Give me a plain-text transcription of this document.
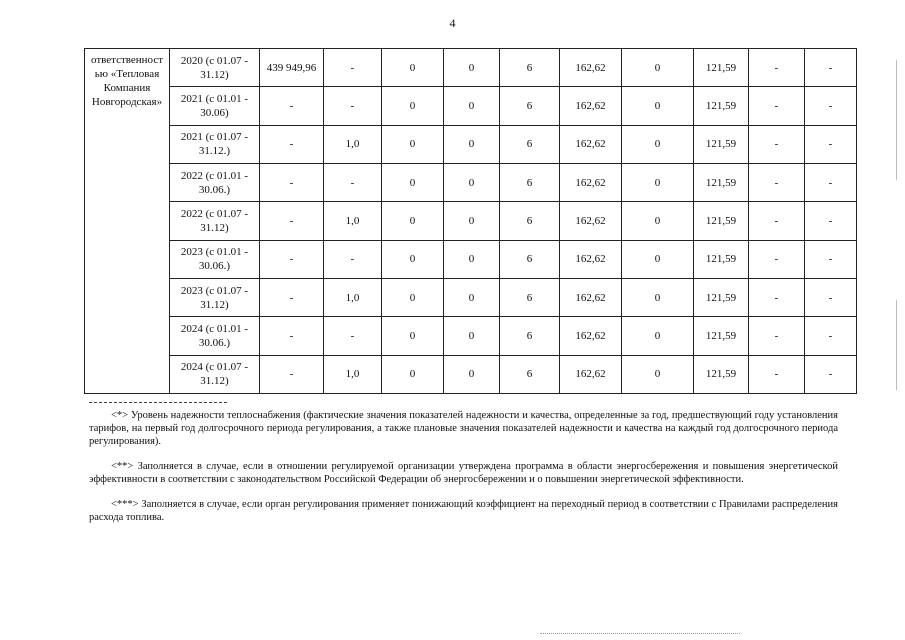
4
ответственност ью «Тепловая Компания Новгородская»	2020 (с 01.07 - 31.12)	439 949,96	-	0	0	6	162,62	0	121,59	-	-
	2021 (с 01.01 - 30.06)	-	-	0	0	6	162,62	0	121,59	-	-
	2021 (с 01.07 - 31.12.)	-	1,0	0	0	6	162,62	0	121,59	-	-
	2022 (с 01.01 - 30.06.)	-	-	0	0	6	162,62	0	121,59	-	-
	2022 (с 01.07 - 31.12)	-	1,0	0	0	6	162,62	0	121,59	-	-
	2023 (с 01.01 - 30.06.)	-	-	0	0	6	162,62	0	121,59	-	-
	2023 (с 01.07 - 31.12)	-	1,0	0	0	6	162,62	0	121,59	-	-
	2024 (с 01.01 - 30.06.)	-	-	0	0	6	162,62	0	121,59	-	-
	2024 (с 01.07 - 31.12)	-	1,0	0	0	6	162,62	0	121,59	-	-

<*> Уровень надежности теплоснабжения (фактические значения показателей надежности и качества, определенные за год, предшествующий году установления тарифов, на первый год долгосрочного периода регулирования, а также плановые значения показателей надежности и качества на каждый год долгосрочного периода регулирования).

<**> Заполняется в случае, если в отношении регулируемой организации утверждена программа в области энергосбережения и повышения энергетической эффективности в соответствии с законодательством Российской Федерации об энергосбережении и о повышении энергетической эффективности.

<***> Заполняется в случае, если орган регулирования применяет понижающий коэффициент на переходный период в соответствии с Правилами распределения расхода топлива.
